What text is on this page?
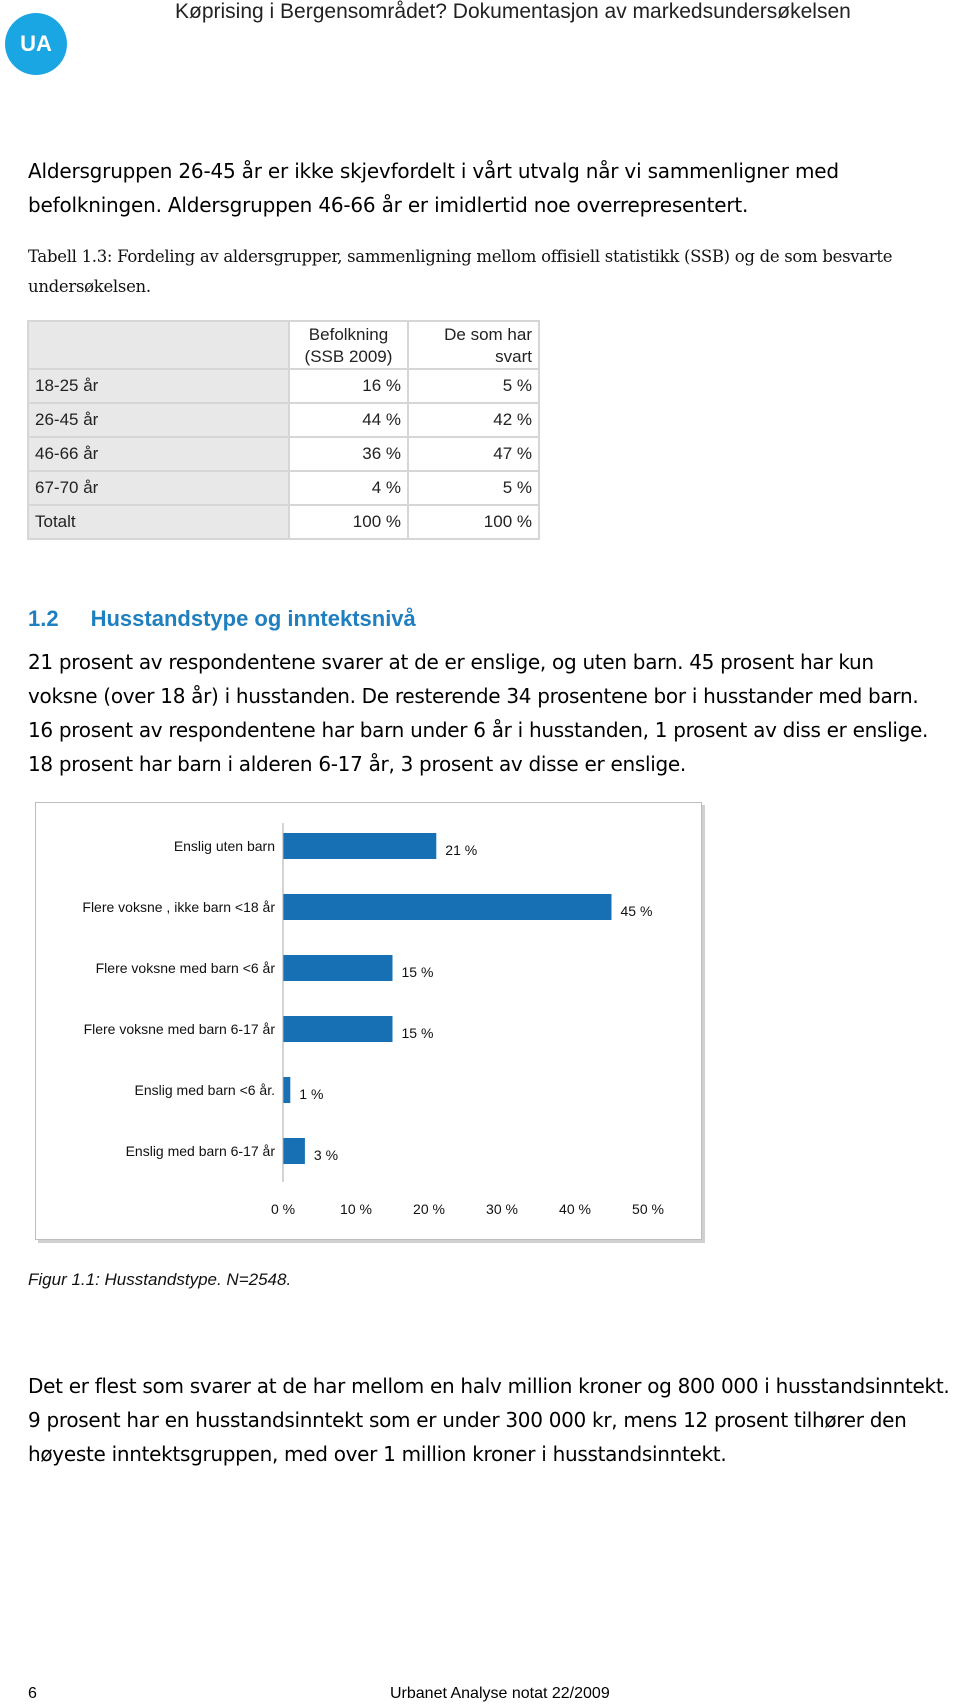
UA
Køprising i Bergensområdet? Dokumentasjon av markedsundersøkelsen
Aldersgruppen 26-45 år er ikke skjevfordelt i vårt utvalg når vi sammenligner med befolkningen. Aldersgruppen 46-66 år er imidlertid noe overrepresentert.
Tabell 1.3: Fordeling av aldersgrupper, sammenligning mellom offisiell statistikk (SSB) og de som besvarte undersøkelsen.
	Befolkning (SSB 2009)	De som har svart
18-25 år	16 %	5 %
26-45 år	44 %	42 %
46-66 år	36 %	47 %
67-70 år	4 %	5 %
Totalt	100 %	100 %
1.2 Husstandstype og inntektsnivå
21 prosent av respondentene svarer at de er enslige, og uten barn. 45 prosent har kun voksne (over 18 år) i husstanden. De resterende 34 prosentene bor i husstander med barn. 16 prosent av respondentene har barn under 6 år i husstanden, 1 prosent av diss er enslige. 18 prosent har barn i alderen 6-17 år, 3 prosent av disse er enslige.
Enslig uten barn	21 %
Flere voksne , ikke barn <18 år	45 %
Flere voksne med barn <6 år	15 %
Flere voksne med barn 6-17 år	15 %
Enslig med barn <6 år. 1 %
Enslig med barn 6-17 år	3 %
0 %	10 %	20 %	30 %	40 %	50 %
Figur 1.1: Husstandstype. N=2548.
Det er flest som svarer at de har mellom en halv million kroner og 800 000 i husstandsinntekt. 9 prosent har en husstandsinntekt som er under 300 000 kr, mens 12 prosent tilhører den høyeste inntektsgruppen, med over 1 million kroner i husstandsinntekt.
6	Urbanet Analyse notat 22/2009
